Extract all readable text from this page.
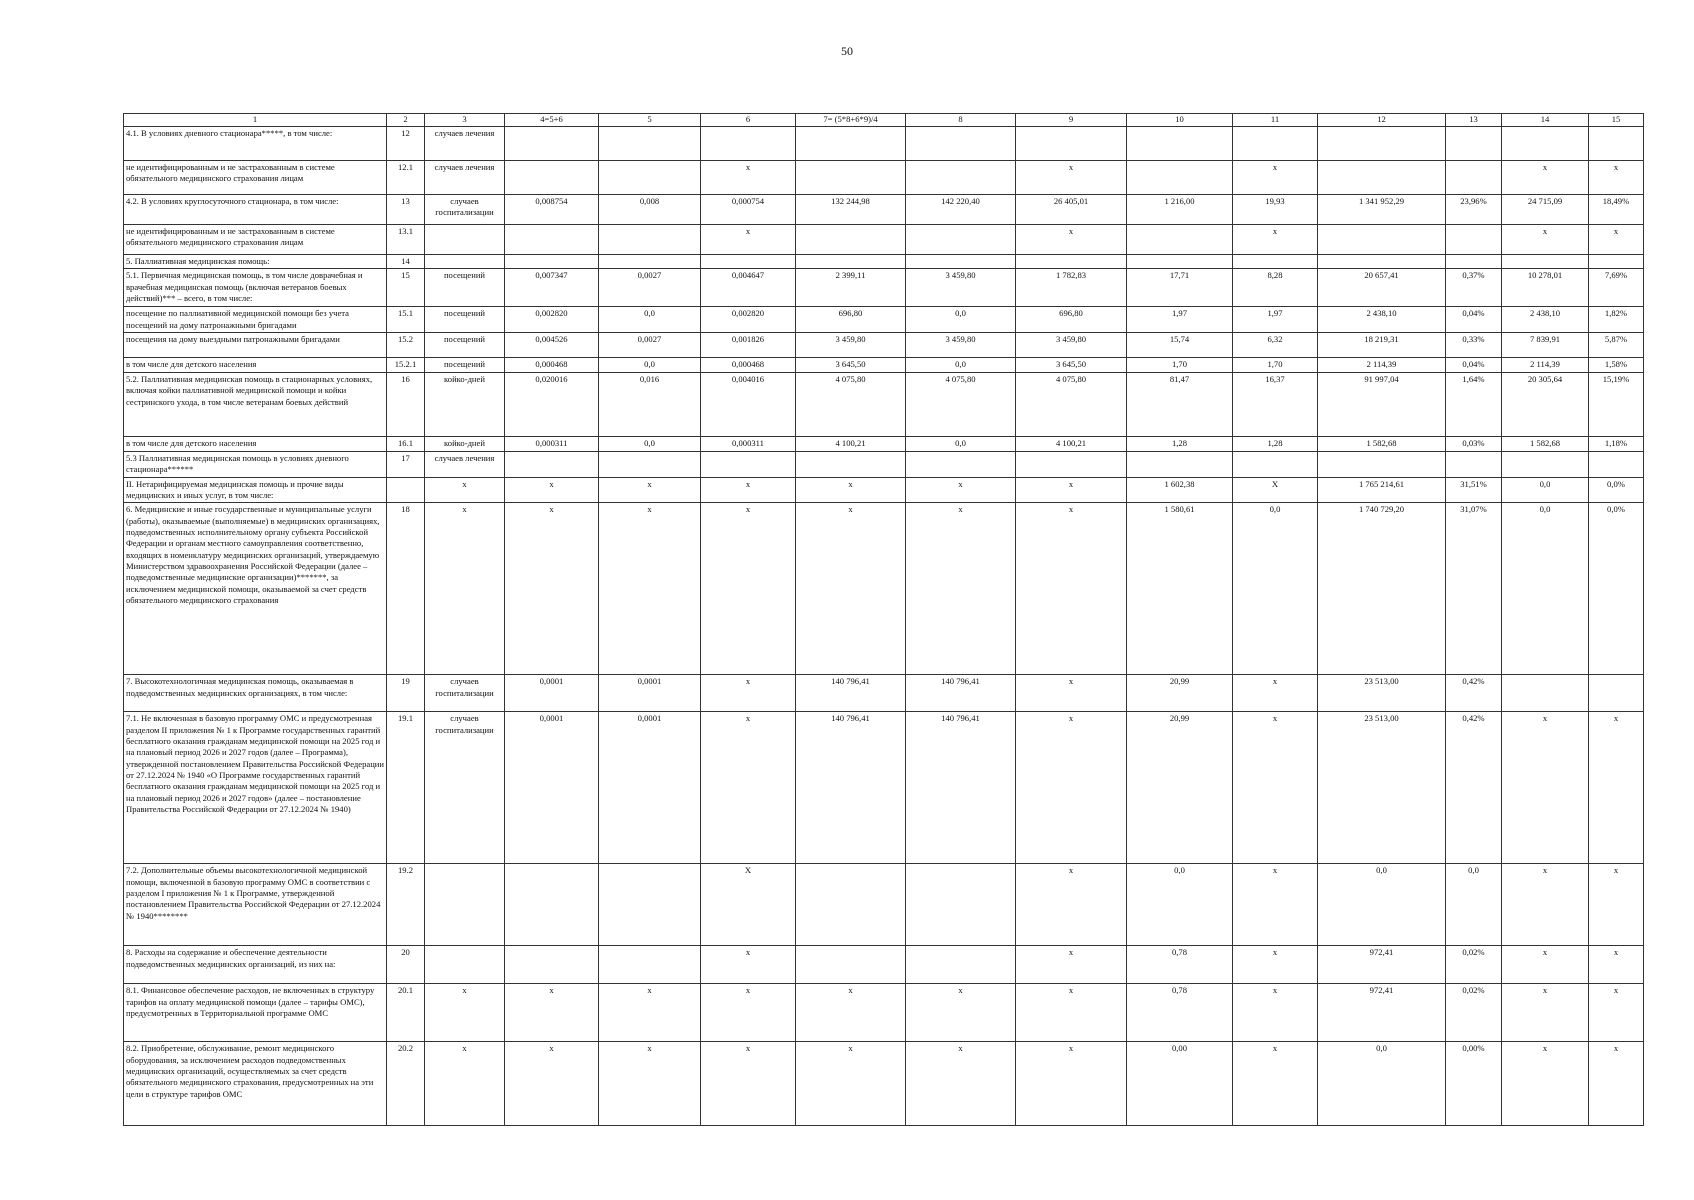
50
1	2	3	4=5+6	5	6	7= (5*8+6*9)/4	8	9	10	11	12	13	14	15
4.1. В условиях дневного стационара*****, в том числе:	12	случаев лечения												
не идентифицированным и не застрахованным в системе обязательного медицинского страхования лицам	12.1	случаев лечения			х			х		х			х	х
4.2. В условиях круглосуточного стационара, в том числе:	13	случаев госпитализации	0,008754	0,008	0,000754	132 244,98	142 220,40	26 405,01	1 216,00	19,93	1 341 952,29	23,96%	24 715,09	18,49%
не идентифицированным и не застрахованным в системе обязательного медицинского страхования лицам	13.1				х			х		х			х	х
5. Паллиативная медицинская помощь:	14													
5.1. Первичная медицинская помощь, в том числе доврачебная и врачебная медицинская помощь (включая ветеранов боевых действий)*** – всего, в том числе:	15	посещений	0,007347	0,0027	0,004647	2 399,11	3 459,80	1 782,83	17,71	8,28	20 657,41	0,37%	10 278,01	7,69%
посещение по паллиативной медицинской помощи без учета посещений на дому патронажными бригадами	15.1	посещений	0,002820	0,0	0,002820	696,80	0,0	696,80	1,97	1,97	2 438,10	0,04%	2 438,10	1,82%
посещения на дому выездными патронажными бригадами	15.2	посещений	0,004526	0,0027	0,001826	3 459,80	3 459,80	3 459,80	15,74	6,32	18 219,31	0,33%	7 839,91	5,87%
в том числе для детского населения	15.2.1	посещений	0,000468	0,0	0,000468	3 645,50	0,0	3 645,50	1,70	1,70	2 114,39	0,04%	2 114,39	1,58%
5.2. Паллиативная медицинская помощь в стационарных условиях, включая койки паллиативной медицинской помощи и койки сестринского ухода, в том числе ветеранам боевых действий	16	койко-дней	0,020016	0,016	0,004016	4 075,80	4 075,80	4 075,80	81,47	16,37	91 997,04	1,64%	20 305,64	15,19%
в том числе для детского населения	16.1	койко-дней	0,000311	0,0	0,000311	4 100,21	0,0	4 100,21	1,28	1,28	1 582,68	0,03%	1 582,68	1,18%
5.3 Паллиативная медицинская помощь в условиях дневного стационара******	17	случаев лечения												
II. Нетарифицируемая медицинская помощь и прочие виды медицинских и иных услуг, в том числе:		х	х	х	х	х	х	х	1 602,38	Х	1 765 214,61	31,51%	0,0	0,0%
6. Медицинские и иные государственные и муниципальные услуги (работы), оказываемые (выполняемые) в медицинских организациях, подведомственных исполнительному органу субъекта Российской Федерации и органам местного самоуправления соответственно, входящих в номенклатуру медицинских организаций, утверждаемую Министерством здравоохранения Российской Федерации (далее – подведомственные медицинские организации)*******, за исключением медицинской помощи, оказываемой за счет средств обязательного медицинского страхования	18	х	х	х	х	х	х	х	1 580,61	0,0	1 740 729,20	31,07%	0,0	0,0%
7. Высокотехнологичная медицинская помощь, оказываемая в подведомственных медицинских организациях, в том числе:	19	случаев госпитализации	0,0001	0,0001	х	140 796,41	140 796,41	х	20,99	х	23 513,00	0,42%		
7.1. Не включенная в базовую программу ОМС и предусмотренная разделом II приложения № 1 к Программе государственных гарантий бесплатного оказания гражданам медицинской помощи на 2025 год и на плановый период 2026 и 2027 годов (далее – Программа), утвержденной постановлением Правительства Российской Федерации от 27.12.2024 № 1940 «О Программе государственных гарантий бесплатного оказания гражданам медицинской помощи на 2025 год и на плановый период 2026 и 2027 годов» (далее – постановление Правительства Российской Федерации от 27.12.2024 № 1940)	19.1	случаев госпитализации	0,0001	0,0001	х	140 796,41	140 796,41	х	20,99	х	23 513,00	0,42%	х	х
7.2. Дополнительные объемы высокотехнологичной медицинской помощи, включенной в базовую программу ОМС в соответствии с разделом I приложения № 1 к Программе, утвержденной постановлением Правительства Российской Федерации от 27.12.2024 № 1940********	19.2				Х			х	0,0	х	0,0	0,0	х	х
8. Расходы на содержание и обеспечение деятельности подведомственных медицинских организаций, из них на:	20				х			х	0,78	х	972,41	0,02%	х	х
8.1. Финансовое обеспечение расходов, не включенных в структуру тарифов на оплату медицинской помощи (далее – тарифы ОМС), предусмотренных в Территориальной программе ОМС	20.1	х	х	х	х	х	х	х	0,78	х	972,41	0,02%	х	х
8.2. Приобретение, обслуживание, ремонт медицинского оборудования, за исключением расходов подведомственных медицинских организаций, осуществляемых за счет средств обязательного медицинского страхования, предусмотренных на эти цели в структуре тарифов ОМС	20.2	х	х	х	х	х	х	х	0,00	х	0,0	0,00%	х	х
